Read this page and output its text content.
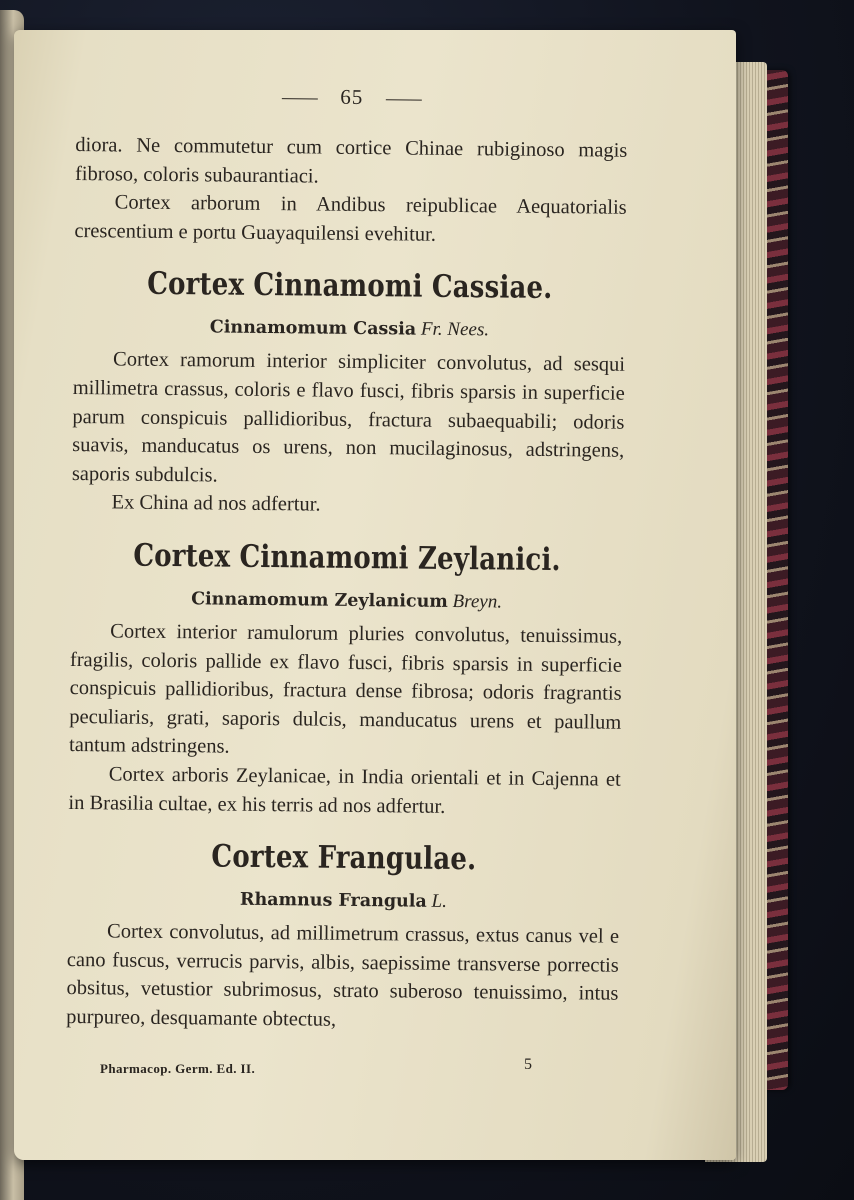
65

diora. Ne commutetur cum cortice Chinae rubiginoso magis fibroso, coloris subaurantiaci.

Cortex arborum in Andibus reipublicae Aequatorialis crescentium e portu Guayaquilensi evehitur.

Cortex Cinnamomi Cassiae.
Cinnamomum Cassia Fr. Nees.

Cortex ramorum interior simpliciter convolutus, ad sesqui millimetra crassus, coloris e flavo fusci, fibris sparsis in superficie parum conspicuis pallidioribus, fractura subaequabili; odoris suavis, manducatus os urens, non mucilaginosus, adstringens, saporis subdulcis.

Ex China ad nos adfertur.

Cortex Cinnamomi Zeylanici.
Cinnamomum Zeylanicum Breyn.

Cortex interior ramulorum pluries convolutus, tenuissimus, fragilis, coloris pallide ex flavo fusci, fibris sparsis in superficie conspicuis pallidioribus, fractura dense fibrosa; odoris fragrantis peculiaris, grati, saporis dulcis, manducatus urens et paullum tantum adstringens.

Cortex arboris Zeylanicae, in India orientali et in Cajenna et in Brasilia cultae, ex his terris ad nos adfertur.

Cortex Frangulae.
Rhamnus Frangula L.

Cortex convolutus, ad millimetrum crassus, extus canus vel e cano fuscus, verrucis parvis, albis, saepissime transverse porrectis obsitus, vetustior subrimosus, strato suberoso tenuissimo, intus purpureo, desquamante obtectus,

Pharmacop. Germ. Ed. II.	5
